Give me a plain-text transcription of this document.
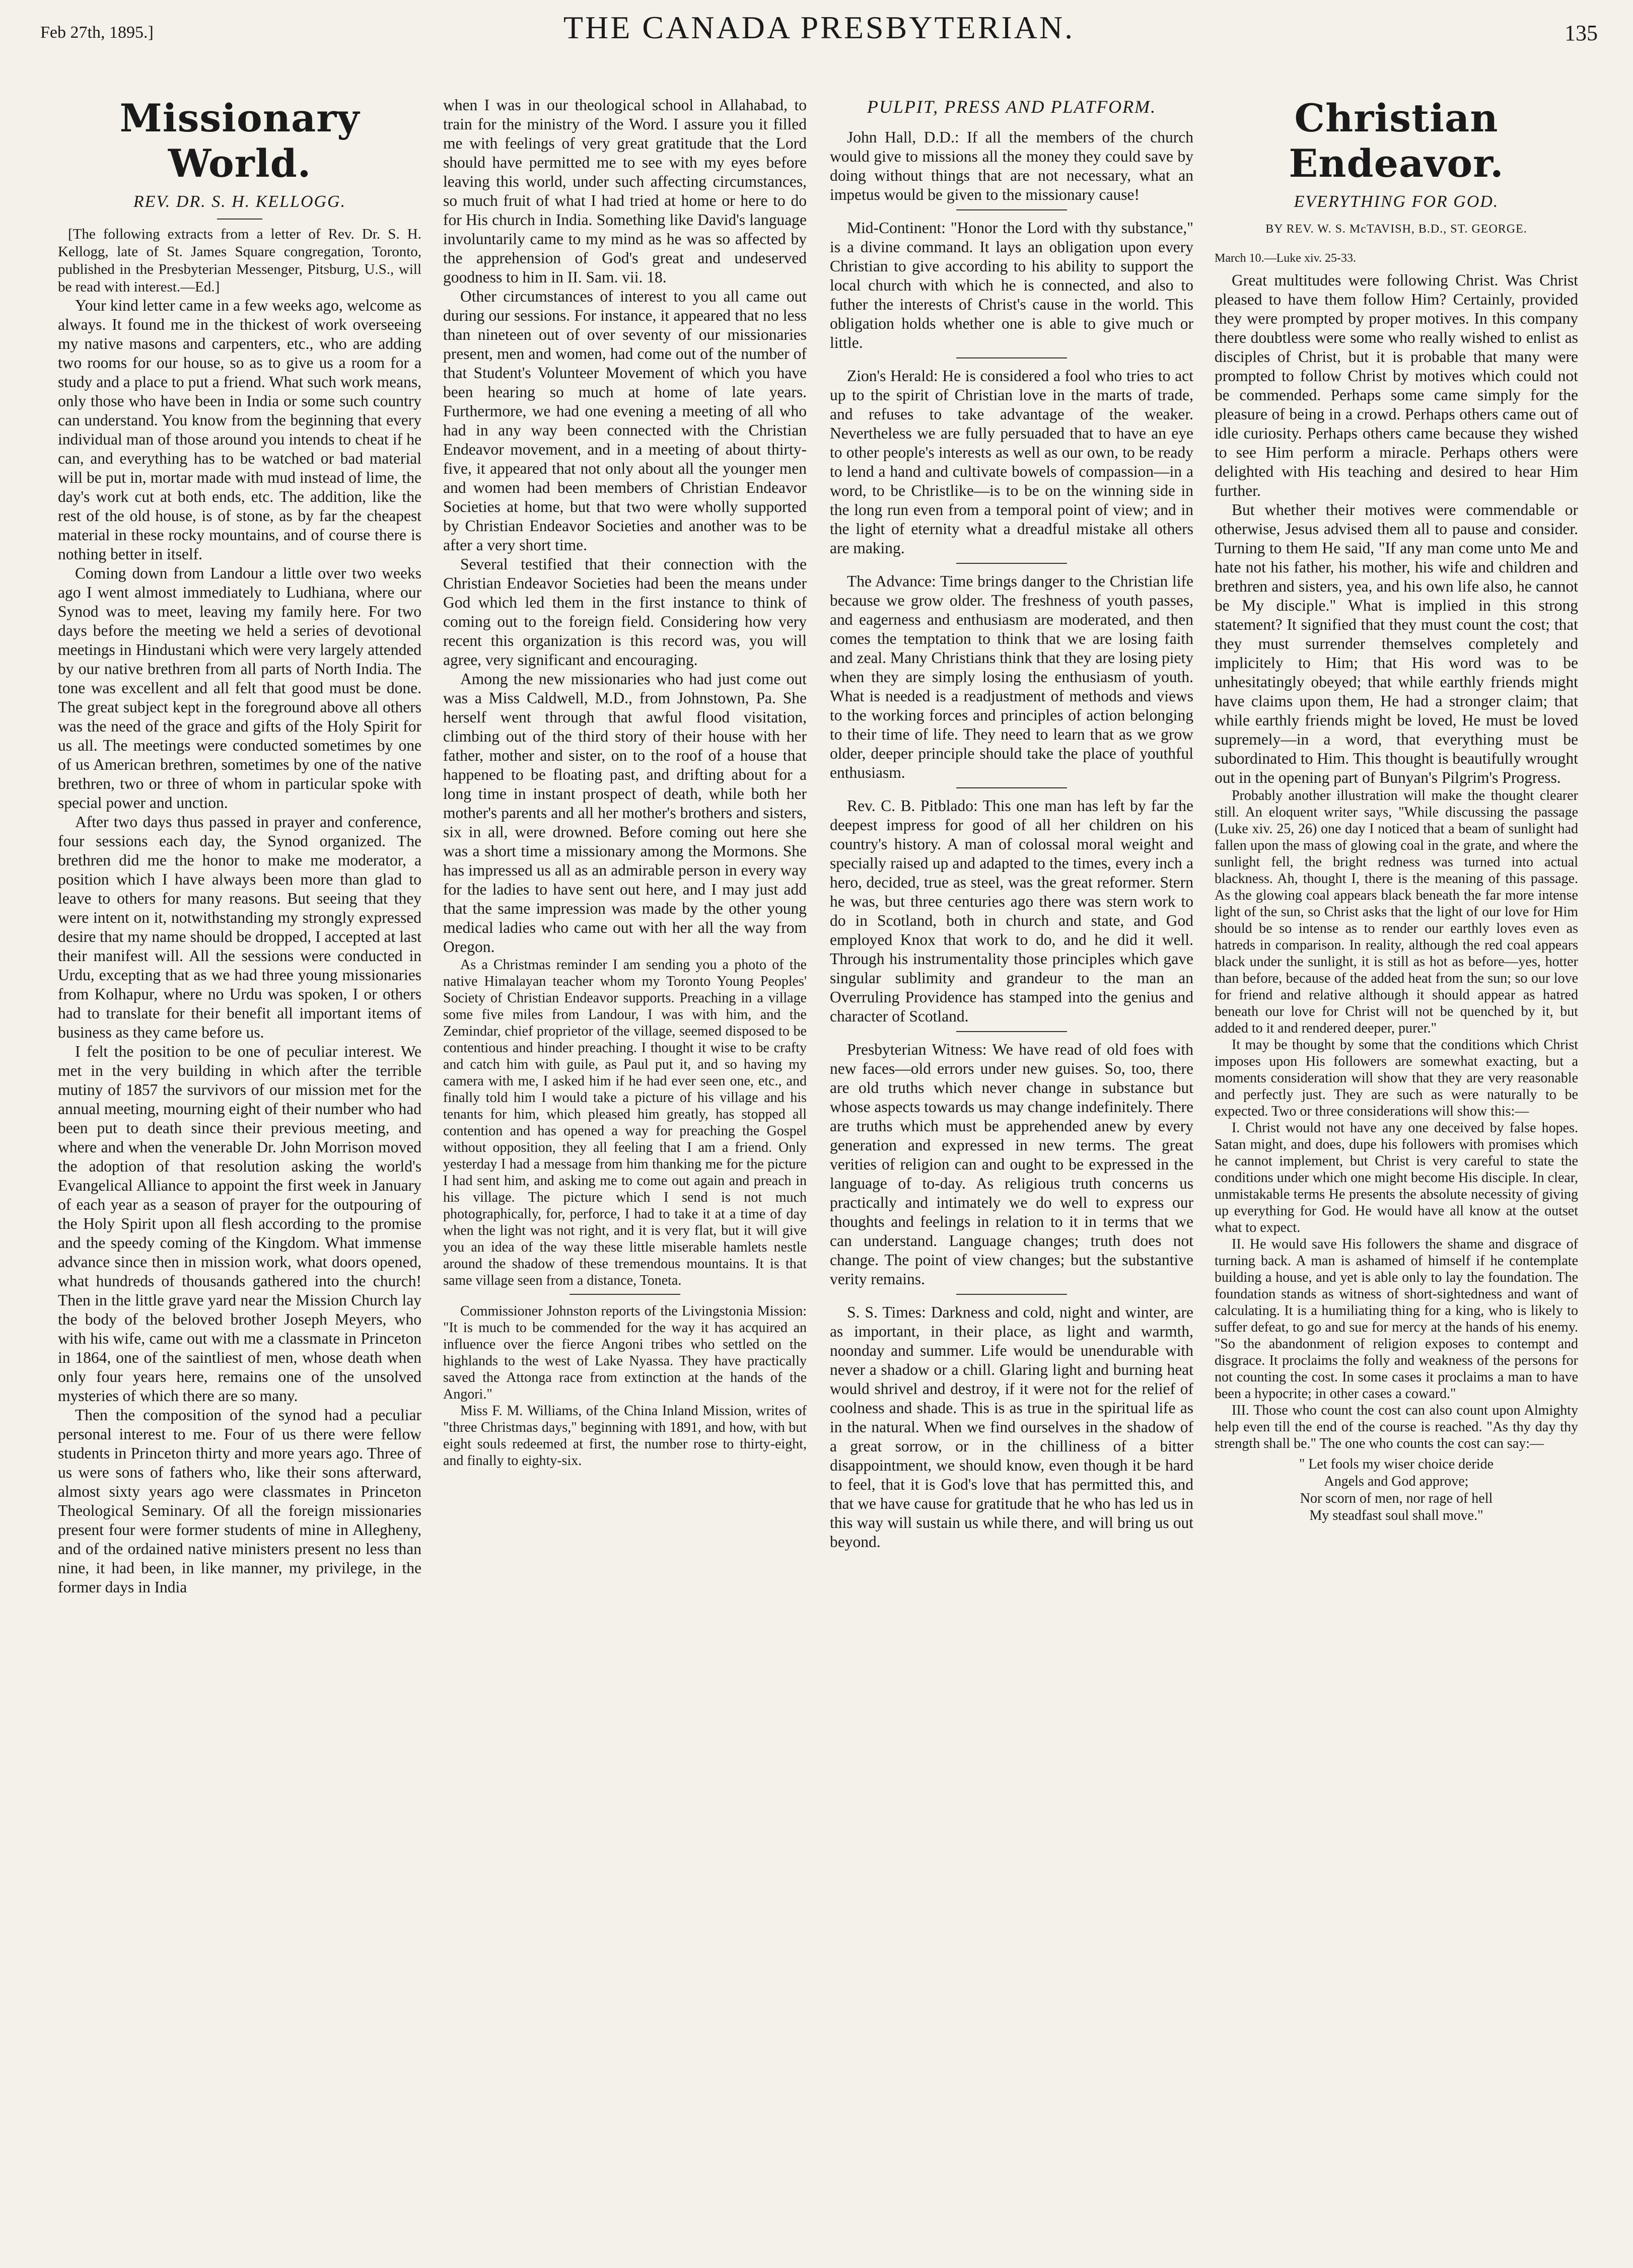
Feb 27th, 1895.]	THE CANADA PRESBYTERIAN.	135
Missionary World.
REV. DR. S. H. KELLOGG.

[The following extracts from a letter of Rev. Dr. S. H. Kellogg, late of St. James Square congregation, Toronto, published in the Presbyterian Messenger, Pitsburg, U.S., will be read with interest.—Ed.]

Your kind letter came in a few weeks ago, welcome as always. It found me in the thickest of work overseeing my native masons and carpenters, etc., who are adding two rooms for our house, so as to give us a room for a study and a place to put a friend. What such work means, only those who have been in India or some such country can understand. You know from the beginning that every individual man of those around you intends to cheat if he can, and everything has to be watched or bad material will be put in, mortar made with mud instead of lime, the day's work cut at both ends, etc. The addition, like the rest of the old house, is of stone, as by far the cheapest material in these rocky mountains, and of course there is nothing better in itself.

Coming down from Landour a little over two weeks ago I went almost immediately to Ludhiana, where our Synod was to meet, leaving my family here. For two days before the meeting we held a series of devotional meetings in Hindustani which were very largely attended by our native brethren from all parts of North India. The tone was excellent and all felt that good must be done. The great subject kept in the foreground above all others was the need of the grace and gifts of the Holy Spirit for us all. The meetings were conducted sometimes by one of us American brethren, sometimes by one of the native brethren, two or three of whom in particular spoke with special power and unction.

After two days thus passed in prayer and conference, four sessions each day, the Synod organized. The brethren did me the honor to make me moderator, a position which I have always been more than glad to leave to others for many reasons. But seeing that they were intent on it, notwithstanding my strongly expressed desire that my name should be dropped, I accepted at last their manifest will. All the sessions were conducted in Urdu, excepting that as we had three young missionaries from Kolhapur, where no Urdu was spoken, I or others had to translate for their benefit all important items of business as they came before us.

I felt the position to be one of peculiar interest. We met in the very building in which after the terrible mutiny of 1857 the survivors of our mission met for the annual meeting, mourning eight of their number who had been put to death since their previous meeting, and where and when the venerable Dr. John Morrison moved the adoption of that resolution asking the world's Evangelical Alliance to appoint the first week in January of each year as a season of prayer for the outpouring of the Holy Spirit upon all flesh according to the promise and the speedy coming of the Kingdom. What immense advance since then in mission work, what doors opened, what hundreds of thousands gathered into the church! Then in the little grave yard near the Mission Church lay the body of the beloved brother Joseph Meyers, who with his wife, came out with me a classmate in Princeton in 1864, one of the saintliest of men, whose death when only four years here, remains one of the unsolved mysteries of which there are so many.

Then the composition of the synod had a peculiar personal interest to me. Four of us there were fellow students in Princeton thirty and more years ago. Three of us were sons of fathers who, like their sons afterward, almost sixty years ago were classmates in Princeton Theological Seminary. Of all the foreign missionaries present four were former students of mine in Allegheny, and of the ordained native ministers present no less than nine, it had been, in like manner, my privilege, in the former days in India

when I was in our theological school in Allahabad, to train for the ministry of the Word. I assure you it filled me with feelings of very great gratitude that the Lord should have permitted me to see with my eyes before leaving this world, under such affecting circumstances, so much fruit of what I had tried at home or here to do for His church in India. Something like David's language involuntarily came to my mind as he was so affected by the apprehension of God's great and undeserved goodness to him in II. Sam. vii. 18.

Other circumstances of interest to you all came out during our sessions. For instance, it appeared that no less than nineteen out of over seventy of our missionaries present, men and women, had come out of the number of that Student's Volunteer Movement of which you have been hearing so much at home of late years. Furthermore, we had one evening a meeting of all who had in any way been connected with the Christian Endeavor movement, and in a meeting of about thirty-five, it appeared that not only about all the younger men and women had been members of Christian Endeavor Societies at home, but that two were wholly supported by Christian Endeavor Societies and another was to be after a very short time.

Several testified that their connection with the Christian Endeavor Societies had been the means under God which led them in the first instance to think of coming out to the foreign field. Considering how very recent this organization is this record was, you will agree, very significant and encouraging.

Among the new missionaries who had just come out was a Miss Caldwell, M.D., from Johnstown, Pa. She herself went through that awful flood visitation, climbing out of the third story of their house with her father, mother and sister, on to the roof of a house that happened to be floating past, and drifting about for a long time in instant prospect of death, while both her mother's parents and all her mother's brothers and sisters, six in all, were drowned. Before coming out here she was a short time a missionary among the Mormons. She has impressed us all as an admirable person in every way for the ladies to have sent out here, and I may just add that the same impression was made by the other young medical ladies who came out with her all the way from Oregon.

As a Christmas reminder I am sending you a photo of the native Himalayan teacher whom my Toronto Young Peoples' Society of Christian Endeavor supports. Preaching in a village some five miles from Landour, I was with him, and the Zemindar, chief proprietor of the village, seemed disposed to be contentious and hinder preaching. I thought it wise to be crafty and catch him with guile, as Paul put it, and so having my camera with me, I asked him if he had ever seen one, etc., and finally told him I would take a picture of his village and his tenants for him, which pleased him greatly, has stopped all contention and has opened a way for preaching the Gospel without opposition, they all feeling that I am a friend. Only yesterday I had a message from him thanking me for the picture I had sent him, and asking me to come out again and preach in his village. The picture which I send is not much photographically, for, perforce, I had to take it at a time of day when the light was not right, and it is very flat, but it will give you an idea of the way these little miserable hamlets nestle around the shadow of these tremendous mountains. It is that same village seen from a distance, Toneta.

Commissioner Johnston reports of the Livingstonia Mission: "It is much to be commended for the way it has acquired an influence over the fierce Angoni tribes who settled on the highlands to the west of Lake Nyassa. They have practically saved the Attonga race from extinction at the hands of the Angori."

Miss F. M. Williams, of the China Inland Mission, writes of "three Christmas days," beginning with 1891, and how, with but eight souls redeemed at first, the number rose to thirty-eight, and finally to eighty-six.

PULPIT, PRESS AND PLATFORM.

John Hall, D.D.: If all the members of the church would give to missions all the money they could save by doing without things that are not necessary, what an impetus would be given to the missionary cause!

Mid-Continent: "Honor the Lord with thy substance," is a divine command. It lays an obligation upon every Christian to give according to his ability to support the local church with which he is connected, and also to futher the interests of Christ's cause in the world. This obligation holds whether one is able to give much or little.

Zion's Herald: He is considered a fool who tries to act up to the spirit of Christian love in the marts of trade, and refuses to take advantage of the weaker. Nevertheless we are fully persuaded that to have an eye to other people's interests as well as our own, to be ready to lend a hand and cultivate bowels of compassion—in a word, to be Christlike—is to be on the winning side in the long run even from a temporal point of view; and in the light of eternity what a dreadful mistake all others are making.

The Advance: Time brings danger to the Christian life because we grow older. The freshness of youth passes, and eagerness and enthusiasm are moderated, and then comes the temptation to think that we are losing faith and zeal. Many Christians think that they are losing piety when they are simply losing the enthusiasm of youth. What is needed is a readjustment of methods and views to the working forces and principles of action belonging to their time of life. They need to learn that as we grow older, deeper principle should take the place of youthful enthusiasm.

Rev. C. B. Pitblado: This one man has left by far the deepest impress for good of all her children on his country's history. A man of colossal moral weight and specially raised up and adapted to the times, every inch a hero, decided, true as steel, was the great reformer. Stern he was, but three centuries ago there was stern work to do in Scotland, both in church and state, and God employed Knox that work to do, and he did it well. Through his instrumentality those principles which gave singular sublimity and grandeur to the man an Overruling Providence has stamped into the genius and character of Scotland.

Presbyterian Witness: We have read of old foes with new faces—old errors under new guises. So, too, there are old truths which never change in substance but whose aspects towards us may change indefinitely. There are truths which must be apprehended anew by every generation and expressed in new terms. The great verities of religion can and ought to be expressed in the language of to-day. As religious truth concerns us practically and intimately we do well to express our thoughts and feelings in relation to it in terms that we can understand. Language changes; truth does not change. The point of view changes; but the substantive verity remains.

S. S. Times: Darkness and cold, night and winter, are as important, in their place, as light and warmth, noonday and summer. Life would be unendurable with never a shadow or a chill. Glaring light and burning heat would shrivel and destroy, if it were not for the relief of coolness and shade. This is as true in the spiritual life as in the natural. When we find ourselves in the shadow of a great sorrow, or in the chilliness of a bitter disappointment, we should know, even though it be hard to feel, that it is God's love that has permitted this, and that we have cause for gratitude that he who has led us in this way will sustain us while there, and will bring us out beyond.

Christian Endeavor.
EVERYTHING FOR GOD.
BY REV. W. S. McTAVISH, B.D., ST. GEORGE.
March 10.—Luke xiv. 25-33.

Great multitudes were following Christ. Was Christ pleased to have them follow Him? Certainly, provided they were prompted by proper motives. In this company there doubtless were some who really wished to enlist as disciples of Christ, but it is probable that many were prompted to follow Christ by motives which could not be commended. Perhaps some came simply for the pleasure of being in a crowd. Perhaps others came out of idle curiosity. Perhaps others came because they wished to see Him perform a miracle. Perhaps others were delighted with His teaching and desired to hear Him further.

But whether their motives were commendable or otherwise, Jesus advised them all to pause and consider. Turning to them He said, "If any man come unto Me and hate not his father, his mother, his wife and children and brethren and sisters, yea, and his own life also, he cannot be My disciple." What is implied in this strong statement? It signified that they must count the cost; that they must surrender themselves completely and implicitely to Him; that His word was to be unhesitatingly obeyed; that while earthly friends might have claims upon them, He had a stronger claim; that while earthly friends might be loved, He must be loved supremely—in a word, that everything must be subordinated to Him. This thought is beautifully wrought out in the opening part of Bunyan's Pilgrim's Progress.

Probably another illustration will make the thought clearer still. An eloquent writer says, "While discussing the passage (Luke xiv. 25, 26) one day I noticed that a beam of sunlight had fallen upon the mass of glowing coal in the grate, and where the sunlight fell, the bright redness was turned into actual blackness. Ah, thought I, there is the meaning of this passage. As the glowing coal appears black beneath the far more intense light of the sun, so Christ asks that the light of our love for Him should be so intense as to render our earthly loves even as hatreds in comparison. In reality, although the red coal appears black under the sunlight, it is still as hot as before—yes, hotter than before, because of the added heat from the sun; so our love for friend and relative although it should appear as hatred beneath our love for Christ will not be quenched by it, but added to it and rendered deeper, purer."

It may be thought by some that the conditions which Christ imposes upon His followers are somewhat exacting, but a moments consideration will show that they are very reasonable and perfectly just. They are such as were naturally to be expected. Two or three considerations will show this:—

I. Christ would not have any one deceived by false hopes. Satan might, and does, dupe his followers with promises which he cannot implement, but Christ is very careful to state the conditions under which one might become His disciple. In clear, unmistakable terms He presents the absolute necessity of giving up everything for God. He would have all know at the outset what to expect.

II. He would save His followers the shame and disgrace of turning back. A man is ashamed of himself if he contemplate building a house, and yet is able only to lay the foundation. The foundation stands as witness of short-sightedness and want of calculating. It is a humiliating thing for a king, who is likely to suffer defeat, to go and sue for mercy at the hands of his enemy. "So the abandonment of religion exposes to contempt and disgrace. It proclaims the folly and weakness of the persons for not counting the cost. In some cases it proclaims a man to have been a hypocrite; in other cases a coward."

III. Those who count the cost can also count upon Almighty help even till the end of the course is reached. "As thy day thy strength shall be." The one who counts the cost can say:—

" Let fools my wiser choice deride
Angels and God approve;
Nor scorn of men, nor rage of hell
My steadfast soul shall move."
